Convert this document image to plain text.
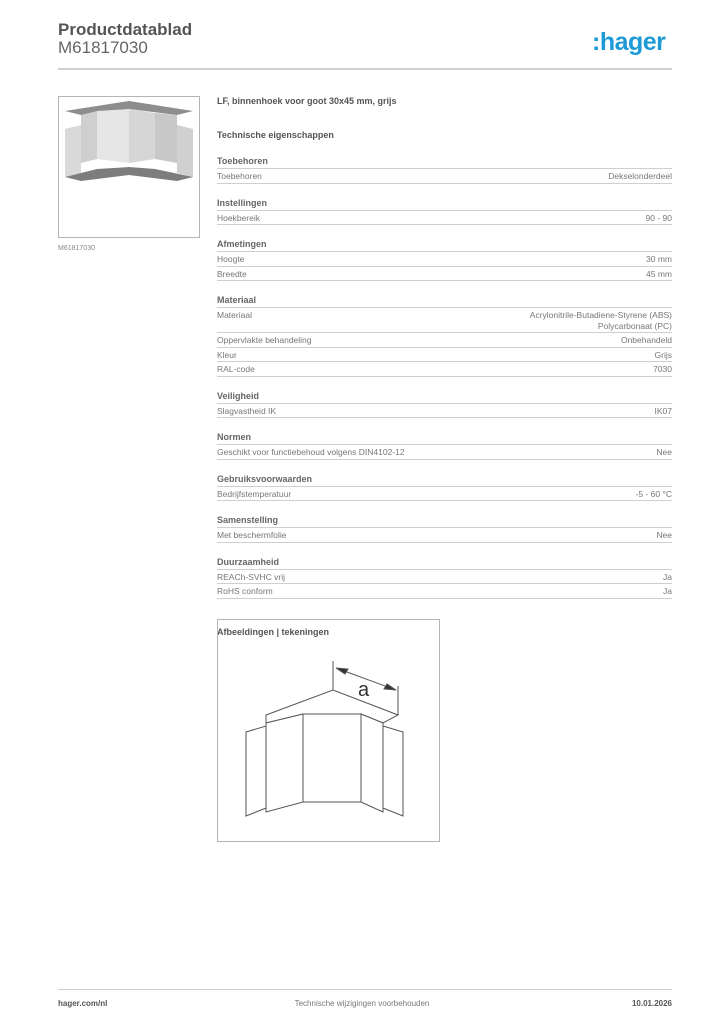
Productdatablad
M61817030	:hager
M61817030
LF, binnenhoek voor goot 30x45 mm, grijs
Technische eigenschappen
Toebehoren
Toebehoren	Dekselonderdeel
Instellingen
Hoekbereik	90 - 90
Afmetingen
Hoogte	30 mm
Breedte	45 mm
Materiaal
Materiaal	Acrylonitrile-Butadiene-Styrene (ABS)
Polycarbonaat (PC)
Oppervlakte behandeling	Onbehandeld
Kleur	Grijs
RAL-code	7030
Veiligheid
Slagvastheid IK	IK07
Normen
Geschikt voor functiebehoud volgens DIN4102-12	Nee
Gebruiksvoorwaarden
Bedrijfstemperatuur	-5 - 60 °C
Samenstelling
Met beschermfolie	Nee
Duurzaamheid
REACh-SVHC vrij	Ja
RoHS conform	Ja
Afbeeldingen | tekeningen
a
hager.com/nl	Technische wijzigingen voorbehouden	10.01.2026
